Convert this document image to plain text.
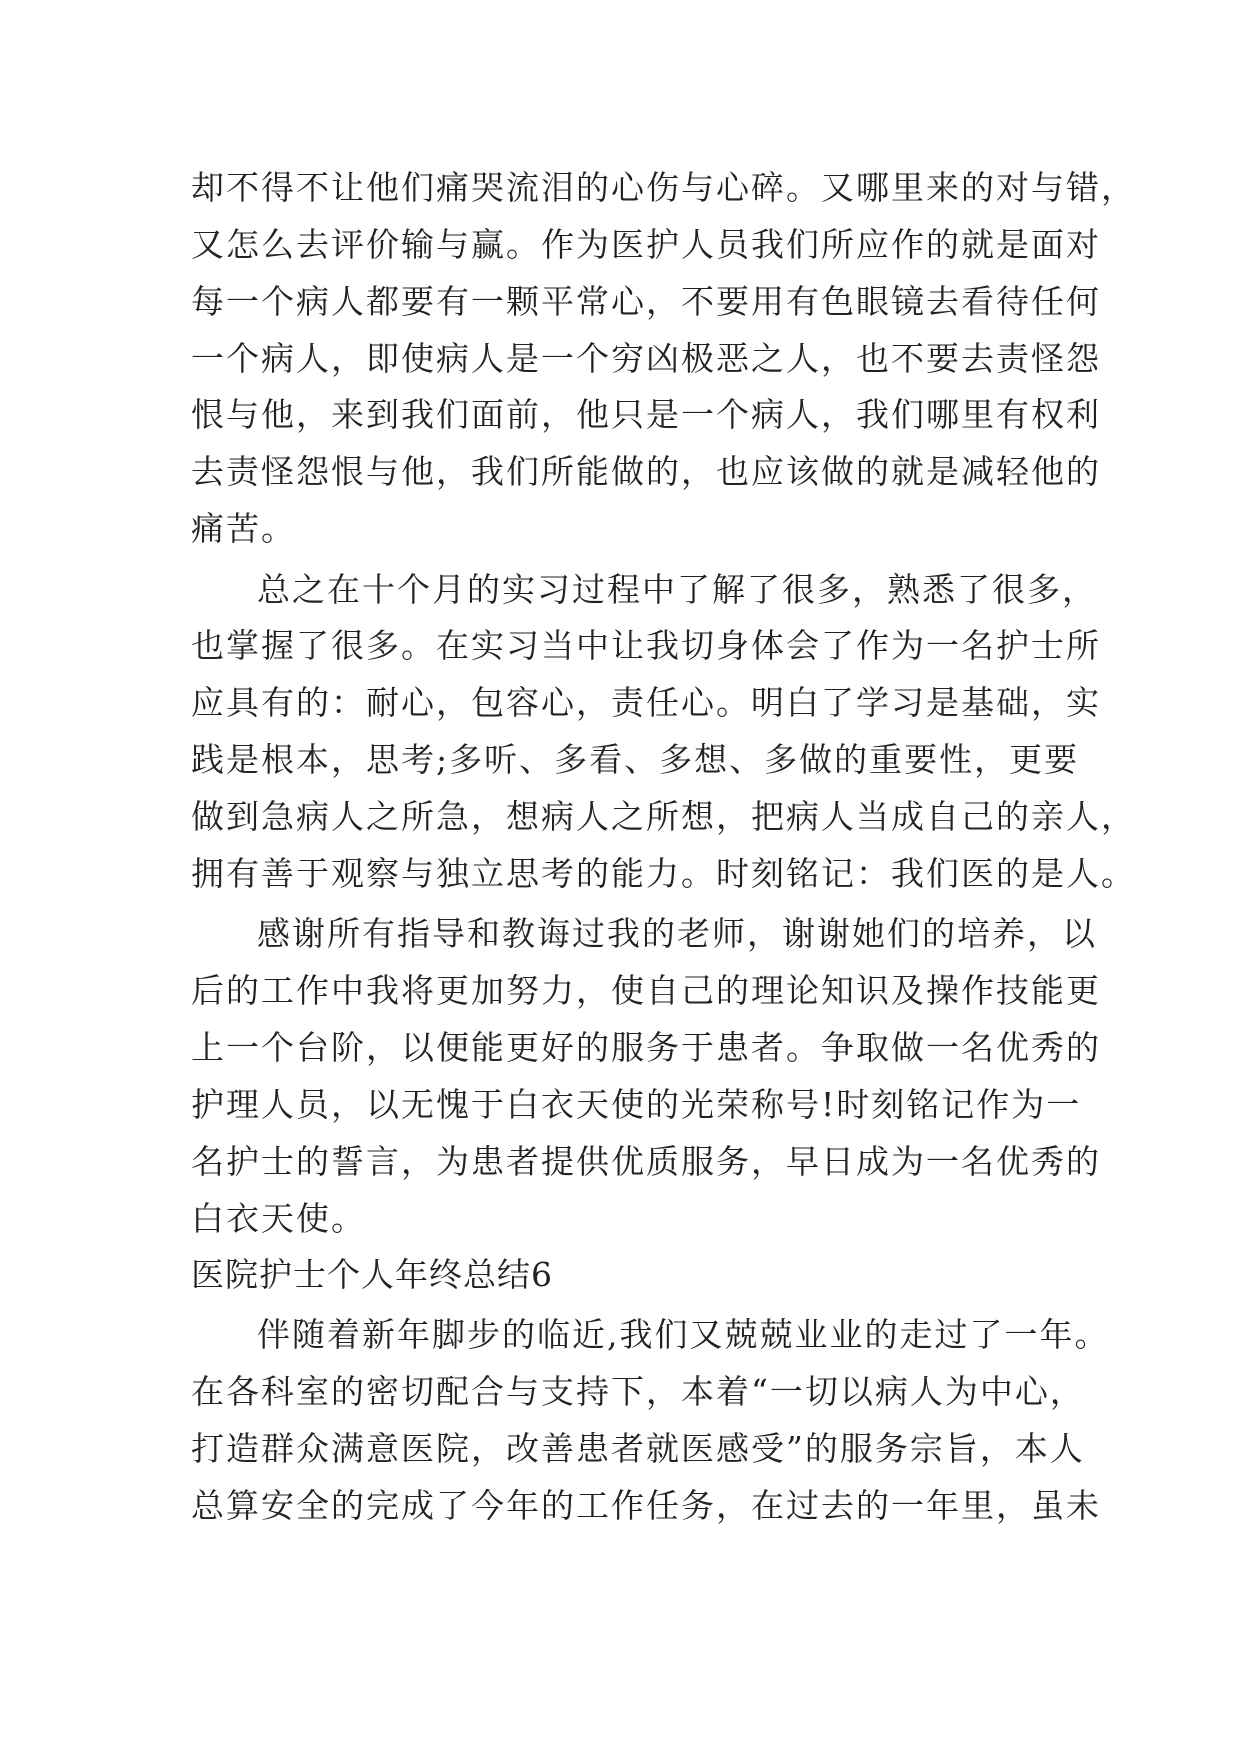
却不得不让他们痛哭流泪的心伤与心碎。又哪里来的对与错，
又怎么去评价输与赢。作为医护人员我们所应作的就是面对
每一个病人都要有一颗平常心，不要用有色眼镜去看待任何
一个病人，即使病人是一个穷凶极恶之人，也不要去责怪怨
恨与他，来到我们面前，他只是一个病人，我们哪里有权利
去责怪怨恨与他，我们所能做的，也应该做的就是减轻他的
痛苦。
总之在十个月的实习过程中了解了很多，熟悉了很多，
也掌握了很多。在实习当中让我切身体会了作为一名护士所
应具有的：耐心，包容心，责任心。明白了学习是基础，实
践是根本，思考;多听、多看、多想、多做的重要性，更要
做到急病人之所急，想病人之所想，把病人当成自己的亲人，
拥有善于观察与独立思考的能力。时刻铭记：我们医的是人。
感谢所有指导和教诲过我的老师，谢谢她们的培养，以
后的工作中我将更加努力，使自己的理论知识及操作技能更
上一个台阶，以便能更好的服务于患者。争取做一名优秀的
护理人员，以无愧于白衣天使的光荣称号!时刻铭记作为一
名护士的誓言，为患者提供优质服务，早日成为一名优秀的
白衣天使。
医院护士个人年终总结6
伴随着新年脚步的临近,我们又兢兢业业的走过了一年。
在各科室的密切配合与支持下，本着“一切以病人为中心，
打造群众满意医院，改善患者就医感受”的服务宗旨，本人
总算安全的完成了今年的工作任务，在过去的一年里，虽未
